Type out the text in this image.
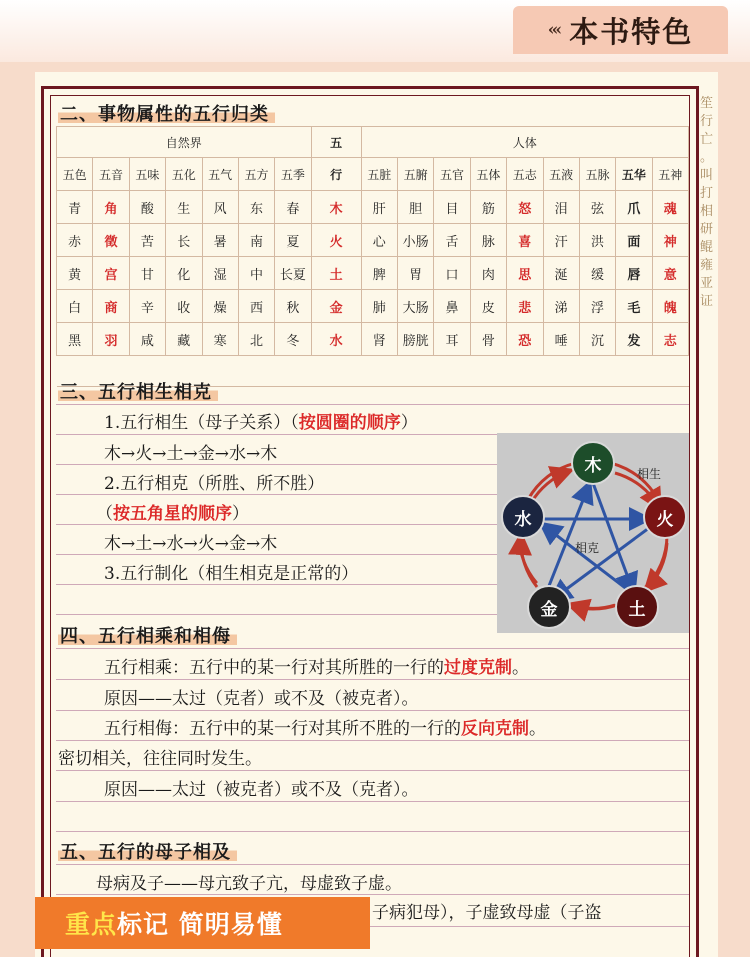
‹‹‹ 本书特色
笙 行 亡 。 叫 打 相 研 鲲 雍 亚 证
二、事物属性的五行归类
自然界							五	人体								
五色	五音	五味	五化	五气	五方	五季	行	五脏	五腑	五官	五体	五志	五液	五脉	五华	五神
青	角	酸	生	风	东	春	木	肝	胆	目	筋	怒	泪	弦	爪	魂
赤	徵	苦	长	暑	南	夏	火	心	小肠	舌	脉	喜	汗	洪	面	神
黄	宫	甘	化	湿	中	长夏	土	脾	胃	口	肉	思	涎	缓	唇	意
白	商	辛	收	燥	西	秋	金	肺	大肠	鼻	皮	悲	涕	浮	毛	魄
黑	羽	咸	藏	寒	北	冬	水	肾	膀胱	耳	骨	恐	唾	沉	发	志

三、五行相生相克
1.五行相生（母子关系）（按圆圈的顺序）
木→火→土→金→水→木
2.五行相克（所胜、所不胜）
（按五角星的顺序）
木→土→水→火→金→木
3.五行制化（相生相克是正常的）
木
火
土
金
水
相生
相克
四、五行相乘和相侮
五行相乘：五行中的某一行对其所胜的一行的过度克制。
原因——太过（克者）或不及（被克者）。
五行相侮：五行中的某一行对其所不胜的一行的反向克制。
密切相关，往往同时发生。
原因——太过（被克者）或不及（克者）。
五、五行的母子相及
母病及子——母亢致子亢，母虚致子虚。
子病犯母），子虚致母虚（子盗
重点 标记 简明易懂
